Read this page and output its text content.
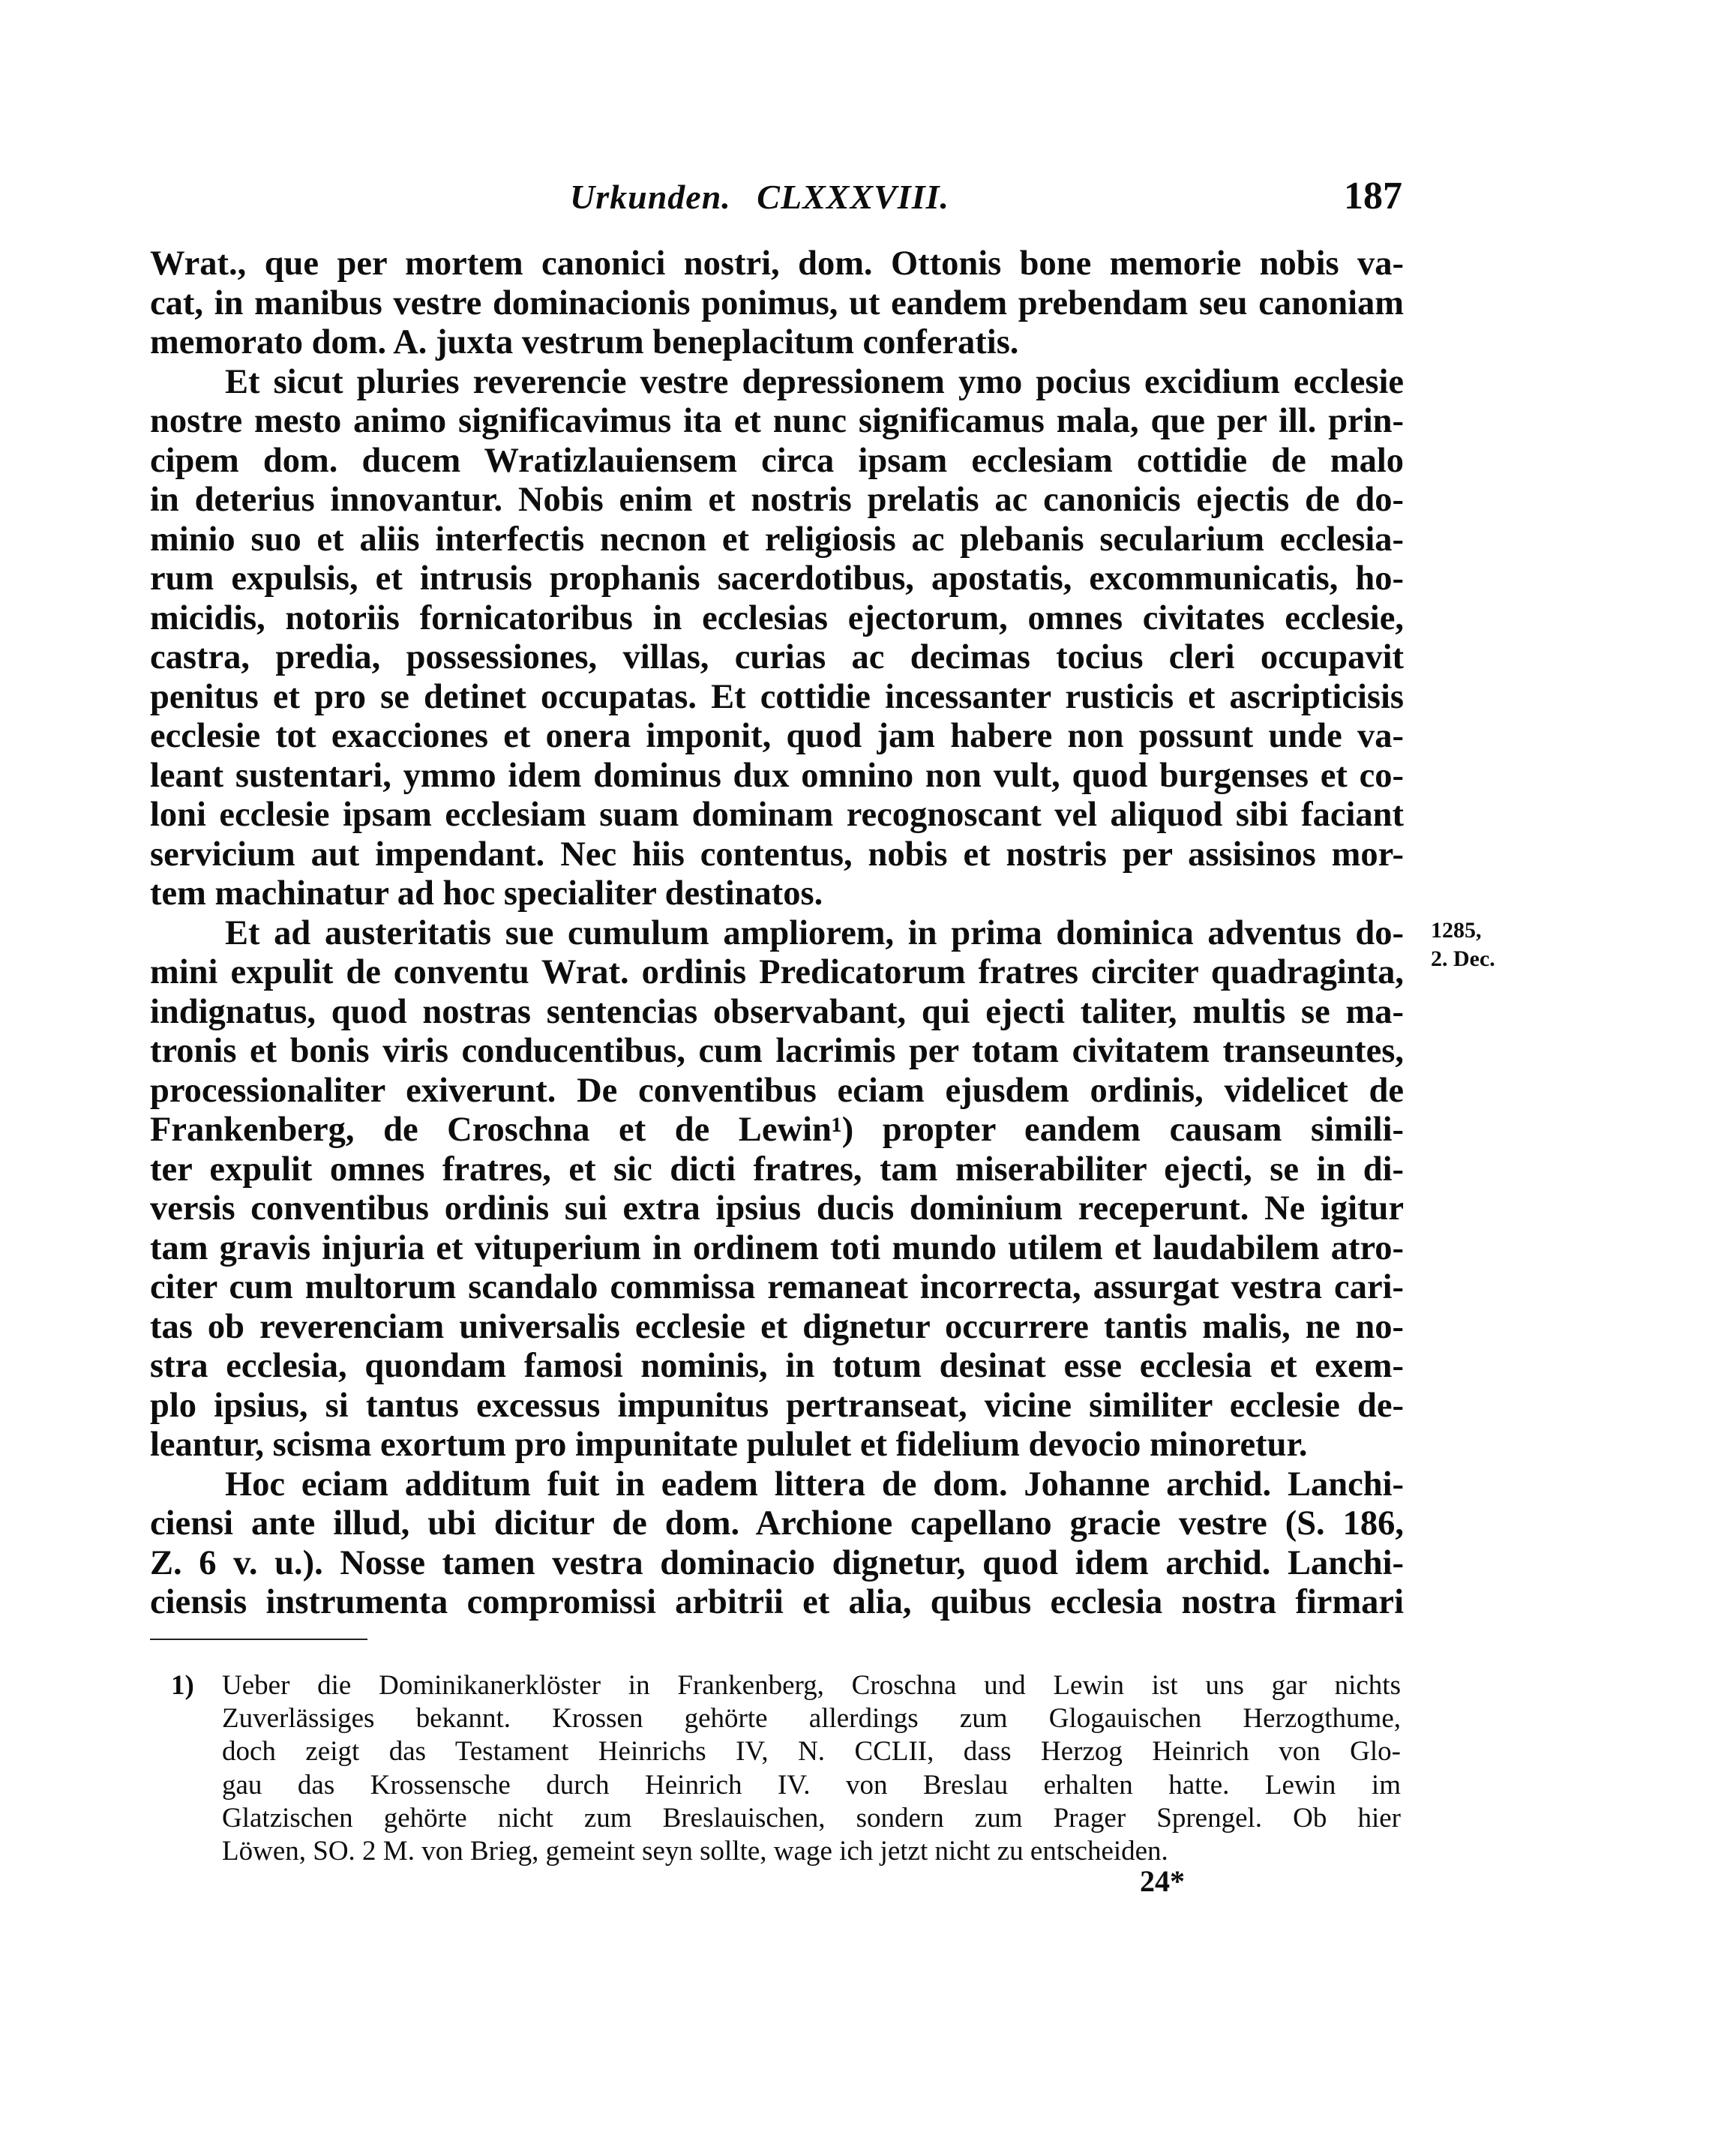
Urkunden. CLXXXVIII.	187
Wrat., que per mortem canonici nostri, dom. Ottonis bone memorie nobis va-
cat, in manibus vestre dominacionis ponimus, ut eandem prebendam seu canoniam
memorato dom. A. juxta vestrum beneplacitum conferatis.
Et sicut pluries reverencie vestre depressionem ymo pocius excidium ecclesie
nostre mesto animo significavimus ita et nunc significamus mala, que per ill. prin-
cipem dom. ducem Wratizlauiensem circa ipsam ecclesiam cottidie de malo
in deterius innovantur. Nobis enim et nostris prelatis ac canonicis ejectis de do-
minio suo et aliis interfectis necnon et religiosis ac plebanis secularium ecclesia-
rum expulsis, et intrusis prophanis sacerdotibus, apostatis, excommunicatis, ho-
micidis, notoriis fornicatoribus in ecclesias ejectorum, omnes civitates ecclesie,
castra, predia, possessiones, villas, curias ac decimas tocius cleri occupavit
penitus et pro se detinet occupatas. Et cottidie incessanter rusticis et ascripticisis
ecclesie tot exacciones et onera imponit, quod jam habere non possunt unde va-
leant sustentari, ymmo idem dominus dux omnino non vult, quod burgenses et co-
loni ecclesie ipsam ecclesiam suam dominam recognoscant vel aliquod sibi faciant
servicium aut impendant. Nec hiis contentus, nobis et nostris per assisinos mor-
tem machinatur ad hoc specialiter destinatos.
Et ad austeritatis sue cumulum ampliorem, in prima dominica adventus do-
mini expulit de conventu Wrat. ordinis Predicatorum fratres circiter quadraginta,
indignatus, quod nostras sentencias observabant, qui ejecti taliter, multis se ma-
tronis et bonis viris conducentibus, cum lacrimis per totam civitatem transeuntes,
processionaliter exiverunt. De conventibus eciam ejusdem ordinis, videlicet de
Frankenberg, de Croschna et de Lewin¹) propter eandem causam simili-
ter expulit omnes fratres, et sic dicti fratres, tam miserabiliter ejecti, se in di-
versis conventibus ordinis sui extra ipsius ducis dominium receperunt. Ne igitur
tam gravis injuria et vituperium in ordinem toti mundo utilem et laudabilem atro-
citer cum multorum scandalo commissa remaneat incorrecta, assurgat vestra cari-
tas ob reverenciam universalis ecclesie et dignetur occurrere tantis malis, ne no-
stra ecclesia, quondam famosi nominis, in totum desinat esse ecclesia et exem-
plo ipsius, si tantus excessus impunitus pertranseat, vicine similiter ecclesie de-
leantur, scisma exortum pro impunitate pululet et fidelium devocio minoretur.
Hoc eciam additum fuit in eadem littera de dom. Johanne archid. Lanchi-
ciensi ante illud, ubi dicitur de dom. Archione capellano gracie vestre (S. 186,
Z. 6 v. u.). Nosse tamen vestra dominacio dignetur, quod idem archid. Lanchi-
ciensis instrumenta compromissi arbitrii et alia, quibus ecclesia nostra firmari
1285,
2. Dec.
1) Ueber die Dominikanerklöster in Frankenberg, Croschna und Lewin ist uns gar nichts
Zuverlässiges bekannt. Krossen gehörte allerdings zum Glogauischen Herzogthume,
doch zeigt das Testament Heinrichs IV, N. CCLII, dass Herzog Heinrich von Glo-
gau das Krossensche durch Heinrich IV. von Breslau erhalten hatte. Lewin im
Glatzischen gehörte nicht zum Breslauischen, sondern zum Prager Sprengel. Ob hier
Löwen, SO. 2 M. von Brieg, gemeint seyn sollte, wage ich jetzt nicht zu entscheiden.
24*
